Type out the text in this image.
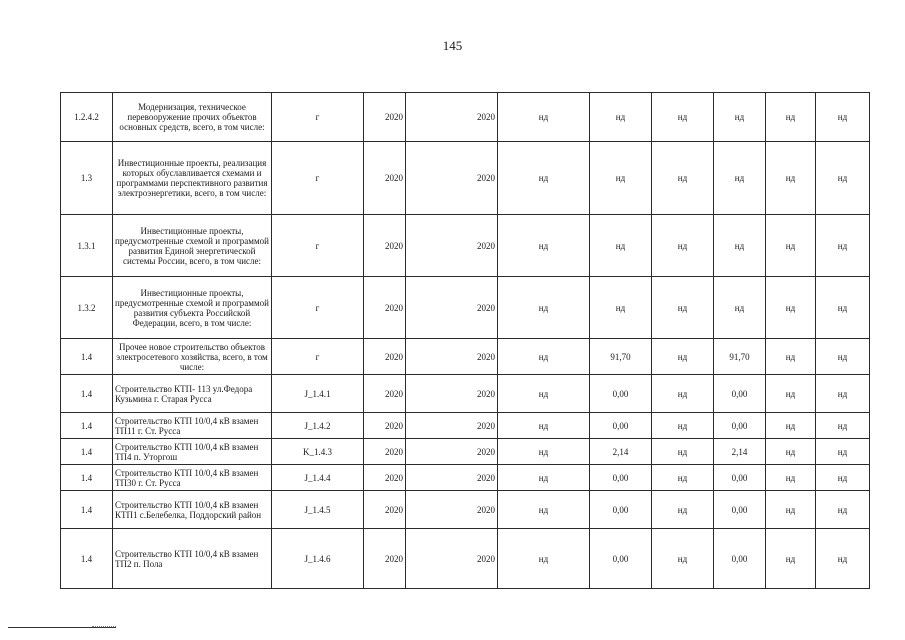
145
1.2.4.2	Модернизация, техническое перевооружение прочих объектов основных средств, всего, в том числе:	г	2020	2020	нд	нд	нд	нд	нд	нд
1.3	Инвестиционные проекты, реализация которых обуславливается схемами и программами перспективного развития электроэнергетики, всего, в том числе:	г	2020	2020	нд	нд	нд	нд	нд	нд
1.3.1	Инвестиционные проекты, предусмотренные схемой и программой развития Единой энергетической системы России, всего, в том числе:	г	2020	2020	нд	нд	нд	нд	нд	нд
1.3.2	Инвестиционные проекты, предусмотренные схемой и программой развития субъекта Российской Федерации, всего, в том числе:	г	2020	2020	нд	нд	нд	нд	нд	нд
1.4	Прочее новое строительство объектов электросетевого хозяйства, всего, в том числе:	г	2020	2020	нд	91,70	нд	91,70	нд	нд
1.4	Строительство КТП- 113 ул.Федора Кузьмина г. Старая Русса	J_1.4.1	2020	2020	нд	0,00	нд	0,00	нд	нд
1.4	Строительство КТП 10/0,4 кВ взамен ТП11 г. Ст. Русса	J_1.4.2	2020	2020	нд	0,00	нд	0,00	нд	нд
1.4	Строительство КТП 10/0,4 кВ взамен ТП4 п. Уторгош	K_1.4.3	2020	2020	нд	2,14	нд	2,14	нд	нд
1.4	Строительство КТП 10/0,4 кВ взамен ТП30 г. Ст. Русса	J_1.4.4	2020	2020	нд	0,00	нд	0,00	нд	нд
1.4	Строительство КТП 10/0,4 кВ взамен КТП1 с.Белебелка, Поддорский район	J_1.4.5	2020	2020	нд	0,00	нд	0,00	нд	нд
1.4	Строительство КТП 10/0,4 кВ взамен ТП2 п. Пола	J_1.4.6	2020	2020	нд	0,00	нд	0,00	нд	нд
